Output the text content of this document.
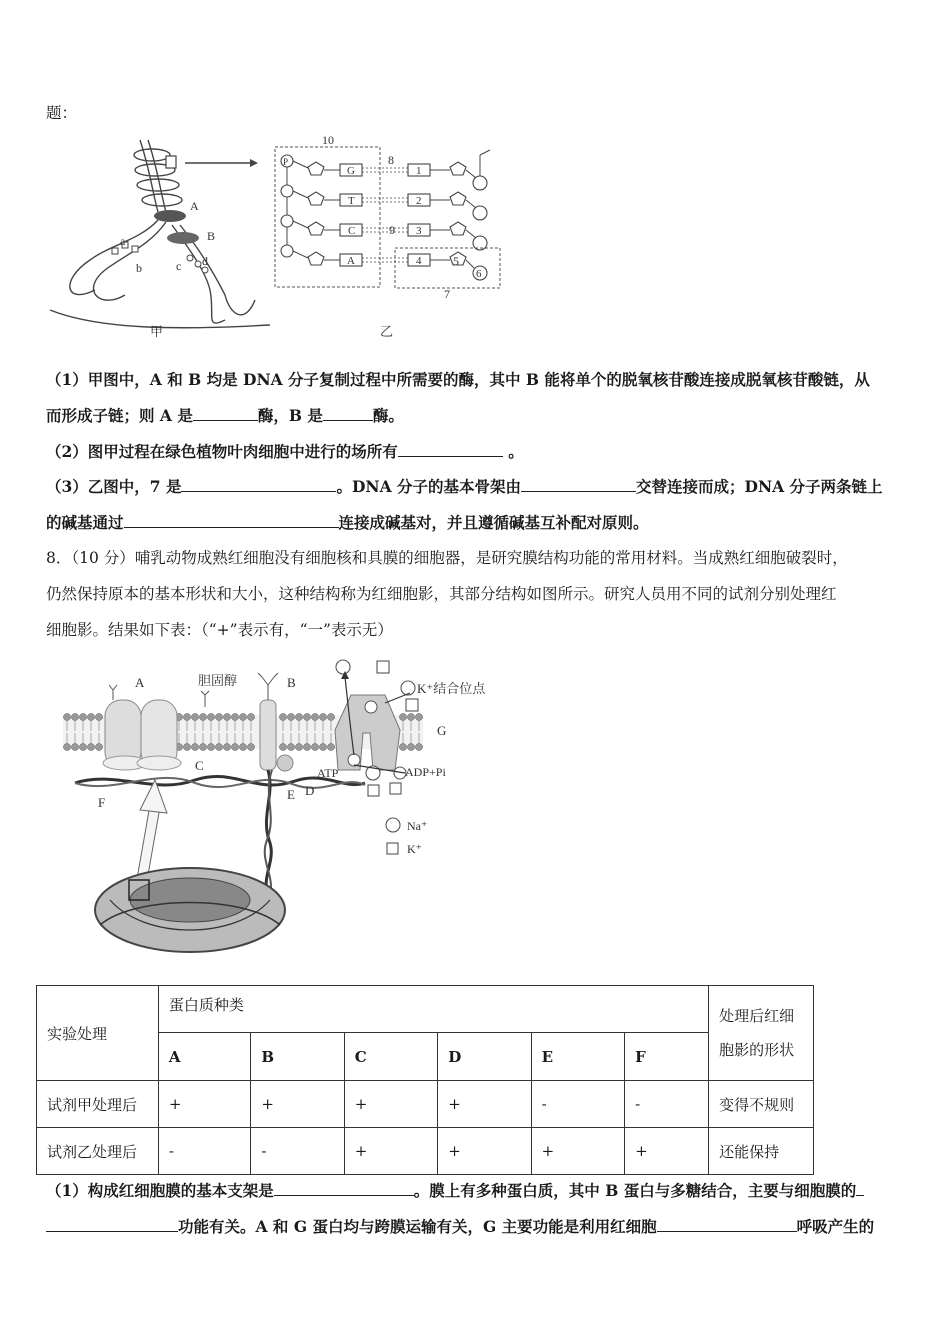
题：
A
B
a
b	c d
甲
10
P
G
T
C
A
1
2
3
4
8
9
5
6
7
乙
（1）甲图中，A 和 B 均是 DNA 分子复制过程中所需要的酶，其中 B 能将单个的脱氧核苷酸连接成脱氧核苷酸链，从
而形成子链；则 A 是	酶，B 是	酶。
（2）图甲过程在绿色植物叶肉细胞中进行的场所有	。
（3）乙图中，7 是	。DNA 分子的基本骨架由	交替连接而成；DNA 分子两条链上
的碱基通过	连接成碱基对，并且遵循碱基互补配对原则。
8．（10 分）哺乳动物成熟红细胞没有细胞核和具膜的细胞器，是研究膜结构功能的常用材料。当成熟红细胞破裂时，
仍然保持原本的基本形状和大小，这种结构称为红细胞影，其部分结构如图所示。研究人员用不同的试剂分别处理红
细胞影。结果如下表：（“+”表示有，“一”表示无）
A	B
C
D
E
F
G
胆固醇
K⁺结合位点
ATP	ADP+Pi
Na⁺
K⁺
实验处理	蛋白质种类						处理后红细
胞影的形状

	A	B	C	D	E	F	
试剂甲处理后	+	+	+	+	-	-	变得不规则
试剂乙处理后	-	-	+	+	+	+	还能保持
（1）构成红细胞膜的基本支架是	。膜上有多种蛋白质，其中 B 蛋白与多糖结合，主要与细胞膜的
功能有关。A 和 G 蛋白均与跨膜运输有关，G 主要功能是利用红细胞	呼吸产生的
